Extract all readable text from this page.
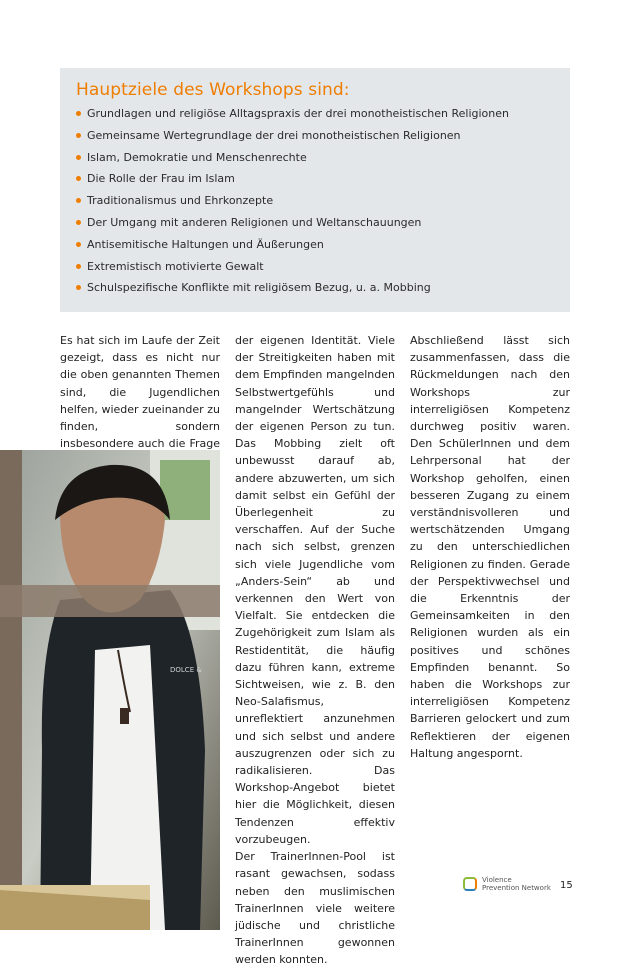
Hauptziele des Workshops sind:
Grundlagen und religiöse Alltagspraxis der drei monotheistischen Religionen
Gemeinsame Wertegrundlage der drei monotheistischen Religionen
Islam, Demokratie und Menschenrechte
Die Rolle der Frau im Islam
Traditionalismus und Ehrkonzepte
Der Umgang mit anderen Religionen und Weltanschauungen
Antisemitische Haltungen und Äußerungen
Extremistisch motivierte Gewalt
Schulspezifische Konflikte mit religiösem Bezug, u. a. Mobbing

Es hat sich im Laufe der Zeit gezeigt, dass es nicht nur die oben genannten Themen sind, die Jugendlichen helfen, wieder zueinander zu finden, sondern insbesondere auch die Frage

der eigenen Identität. Viele der Streitigkeiten haben mit dem Empfinden mangelnden Selbstwertgefühls und mangelnder Wertschätzung der eigenen Person zu tun. Das Mobbing zielt oft unbewusst darauf ab, andere abzuwerten, um sich damit selbst ein Gefühl der Überlegenheit zu verschaffen. Auf der Suche nach sich selbst, grenzen sich viele Jugendliche vom „Anders-Sein“ ab und verkennen den Wert von Vielfalt. Sie entdecken die Zugehörigkeit zum Islam als Restidentität, die häufig dazu führen kann, extreme Sichtweisen, wie z. B. den Neo-Salafismus, unreflektiert anzunehmen und sich selbst und andere auszugrenzen oder sich zu radikalisieren. Das Workshop-Angebot bietet hier die Möglichkeit, diesen Tendenzen effektiv vorzubeugen.

Der TrainerInnen-Pool ist rasant gewachsen, sodass neben den muslimischen TrainerInnen viele weitere jüdische und christliche TrainerInnen gewonnen werden konnten.

Abschließend lässt sich zusammenfassen, dass die Rückmeldungen nach den Workshops zur interreligiösen Kompetenz durchweg positiv waren. Den SchülerInnen und dem Lehrpersonal hat der Workshop geholfen, einen besseren Zugang zu einem verständnisvolleren und wertschätzenden Umgang zu den unterschiedlichen Religionen zu finden. Gerade der Perspektivwechsel und die Erkenntnis der Gemeinsamkeiten in den Religionen wurden als ein positives und schönes Empfinden benannt. So haben die Workshops zur interreligiösen Kompetenz Barrieren gelockert und zum Reflektieren der eigenen Haltung angespornt.

DOLCE &
Violence
Prevention Network 15
